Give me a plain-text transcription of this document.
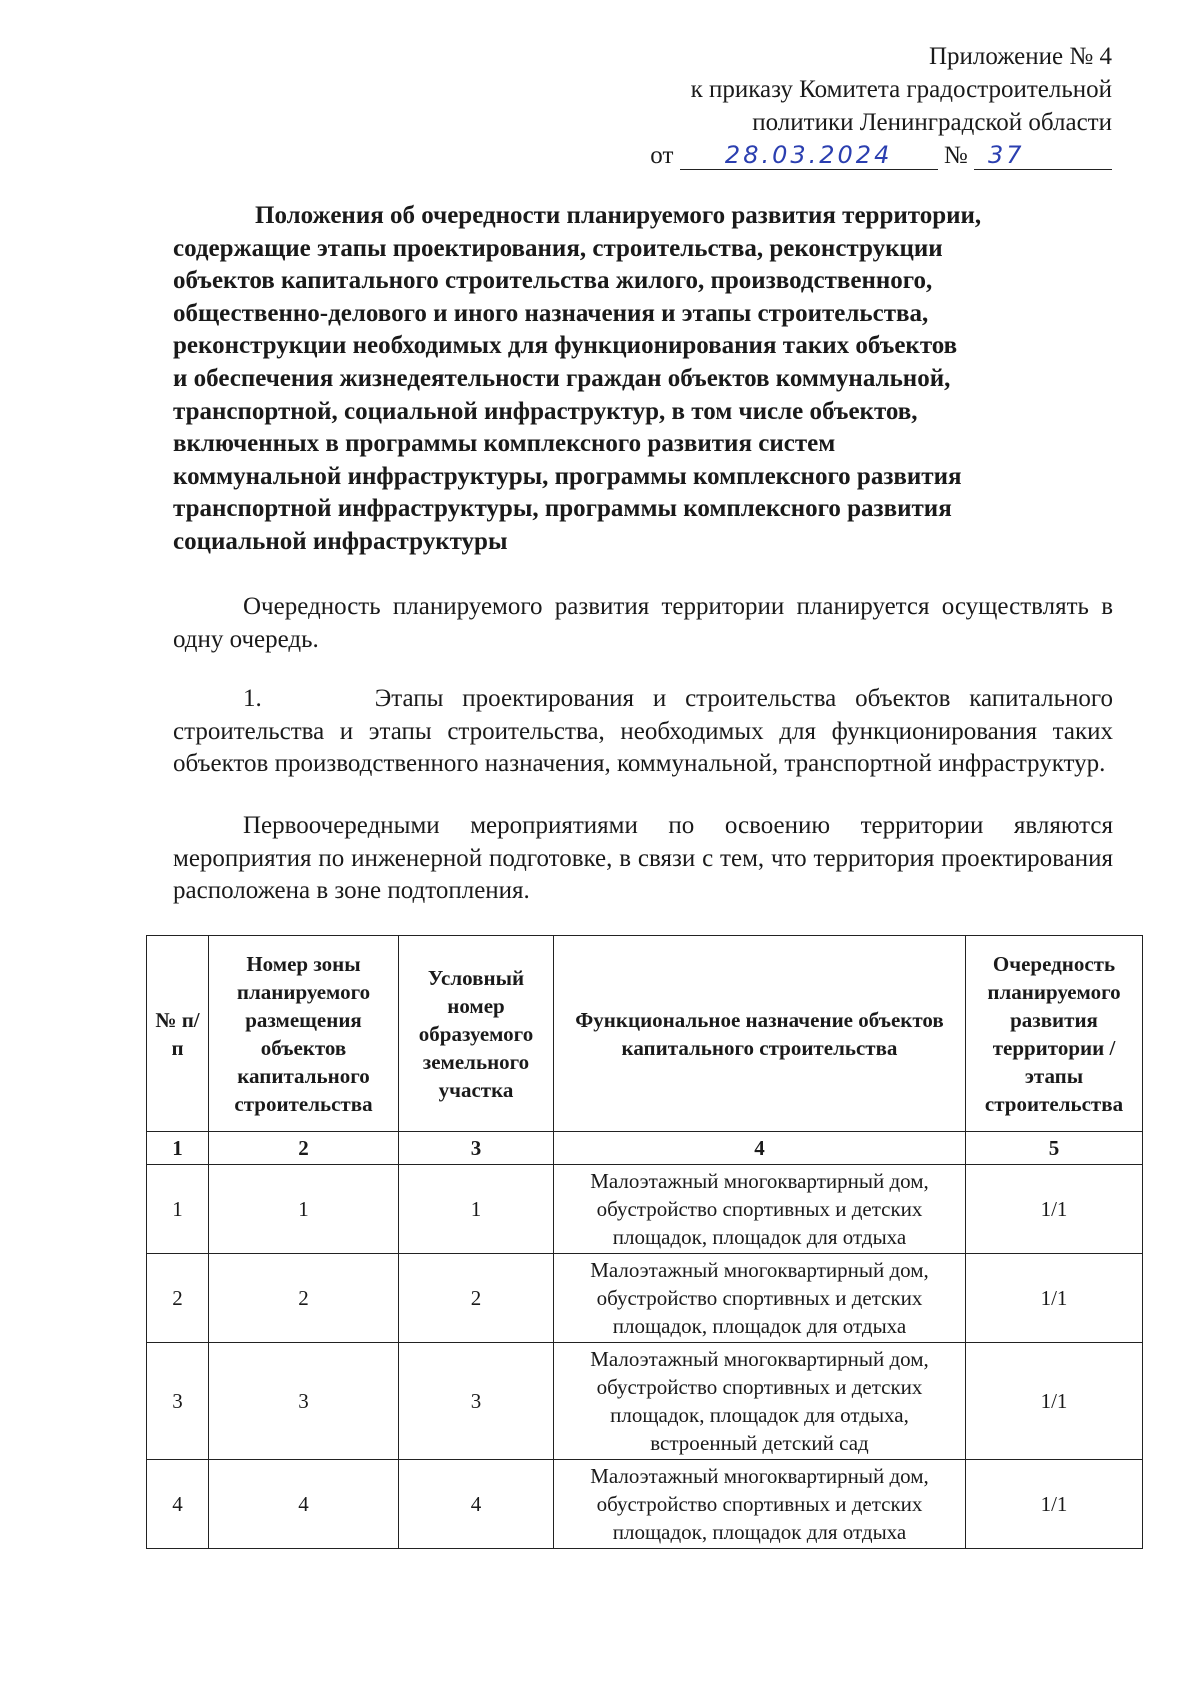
Приложение № 4
к приказу Комитета градостроительной
политики Ленинградской области
от 28.03.2024 № 37
Положения об очередности планируемого развития территории,
содержащие этапы проектирования, строительства, реконструкции
объектов капитального строительства жилого, производственного,
общественно-делового и иного назначения и этапы строительства,
реконструкции необходимых для функционирования таких объектов
и обеспечения жизнедеятельности граждан объектов коммунальной,
транспортной, социальной инфраструктур, в том числе объектов,
включенных в программы комплексного развития систем
коммунальной инфраструктуры, программы комплексного развития
транспортной инфраструктуры, программы комплексного развития
социальной инфраструктуры
Очередность планируемого развития территории планируется осуществлять в одну очередь.
1.      Этапы проектирования и строительства объектов капитального строительства и этапы строительства, необходимых для функционирования таких объектов производственного назначения, коммунальной, транспортной инфраструктур.
Первоочередными мероприятиями по освоению территории являются мероприятия по инженерной подготовке, в связи с тем, что территория проектирования расположена в зоне подтопления.
№ п/п	Номер зоны планируемого размещения объектов капитального строительства	Условный номер образуемого земельного участка	Функциональное назначение объектов капитального строительства	Очередность планируемого развития территории / этапы строительства
1	2	3	4	5
1	1	1	Малоэтажный многоквартирный дом, обустройство спортивных и детских площадок, площадок для отдыха	1/1
2	2	2	Малоэтажный многоквартирный дом, обустройство спортивных и детских площадок, площадок для отдыха	1/1
3	3	3	Малоэтажный многоквартирный дом, обустройство спортивных и детских площадок, площадок для отдыха, встроенный детский сад	1/1
4	4	4	Малоэтажный многоквартирный дом, обустройство спортивных и детских площадок, площадок для отдыха	1/1
